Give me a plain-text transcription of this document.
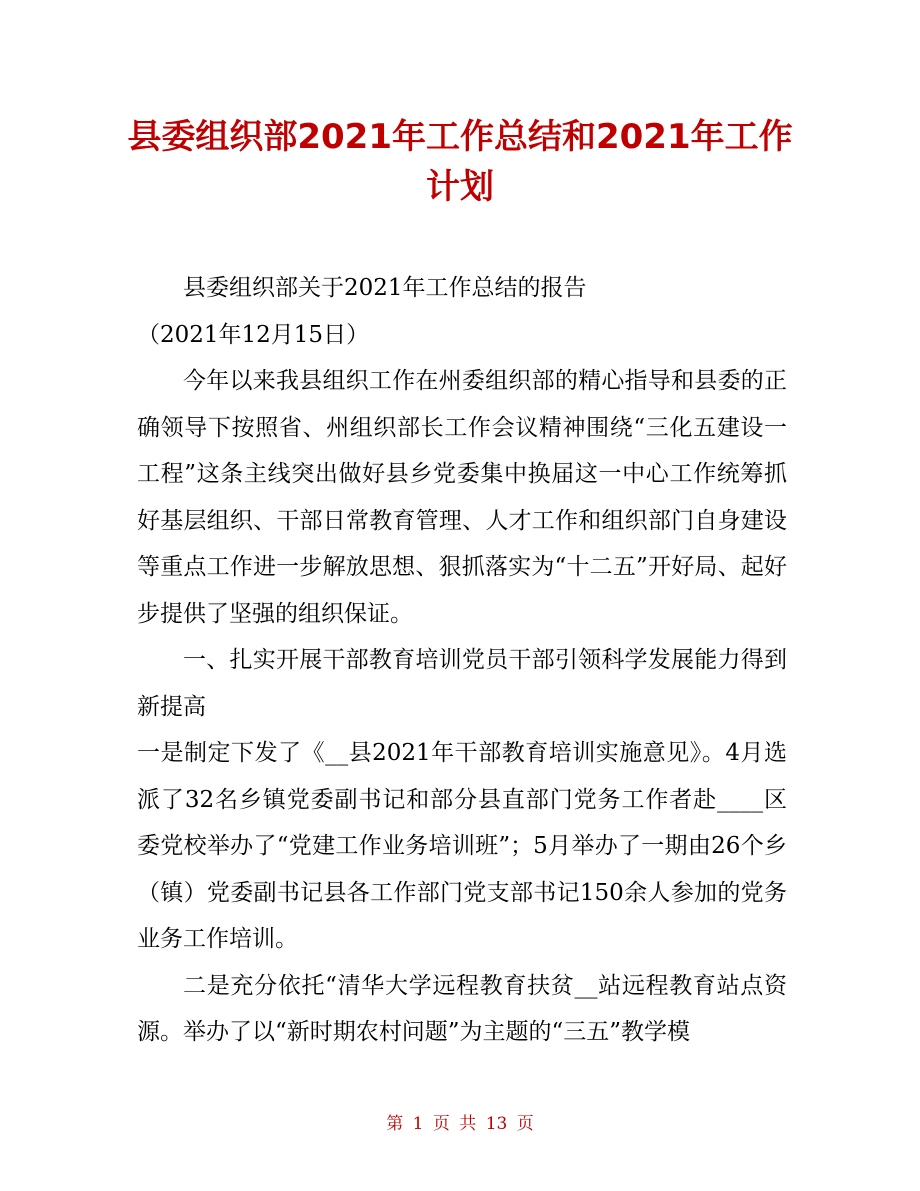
县委组织部2021年工作总结和2021年工作计划

县委组织部关于2021年工作总结的报告

（2021年12月15日）

今年以来我县组织工作在州委组织部的精心指导和县委的正确领导下按照省、州组织部长工作会议精神围绕“三化五建设一工程”这条主线突出做好县乡党委集中换届这一中心工作统筹抓好基层组织、干部日常教育管理、人才工作和组织部门自身建设等重点工作进一步解放思想、狠抓落实为“十二五”开好局、起好步提供了坚强的组织保证。

一、扎实开展干部教育培训党员干部引领科学发展能力得到新提高

一是制定下发了《__县2021年干部教育培训实施意见》。4月选派了32名乡镇党委副书记和部分县直部门党务工作者赴____区委党校举办了“党建工作业务培训班”；5月举办了一期由26个乡（镇）党委副书记县各工作部门党支部书记150余人参加的党务业务工作培训。

二是充分依托“清华大学远程教育扶贫__站远程教育站点资源。举办了以“新时期农村问题”为主题的“三五”教学模

第 1 页 共 13 页
